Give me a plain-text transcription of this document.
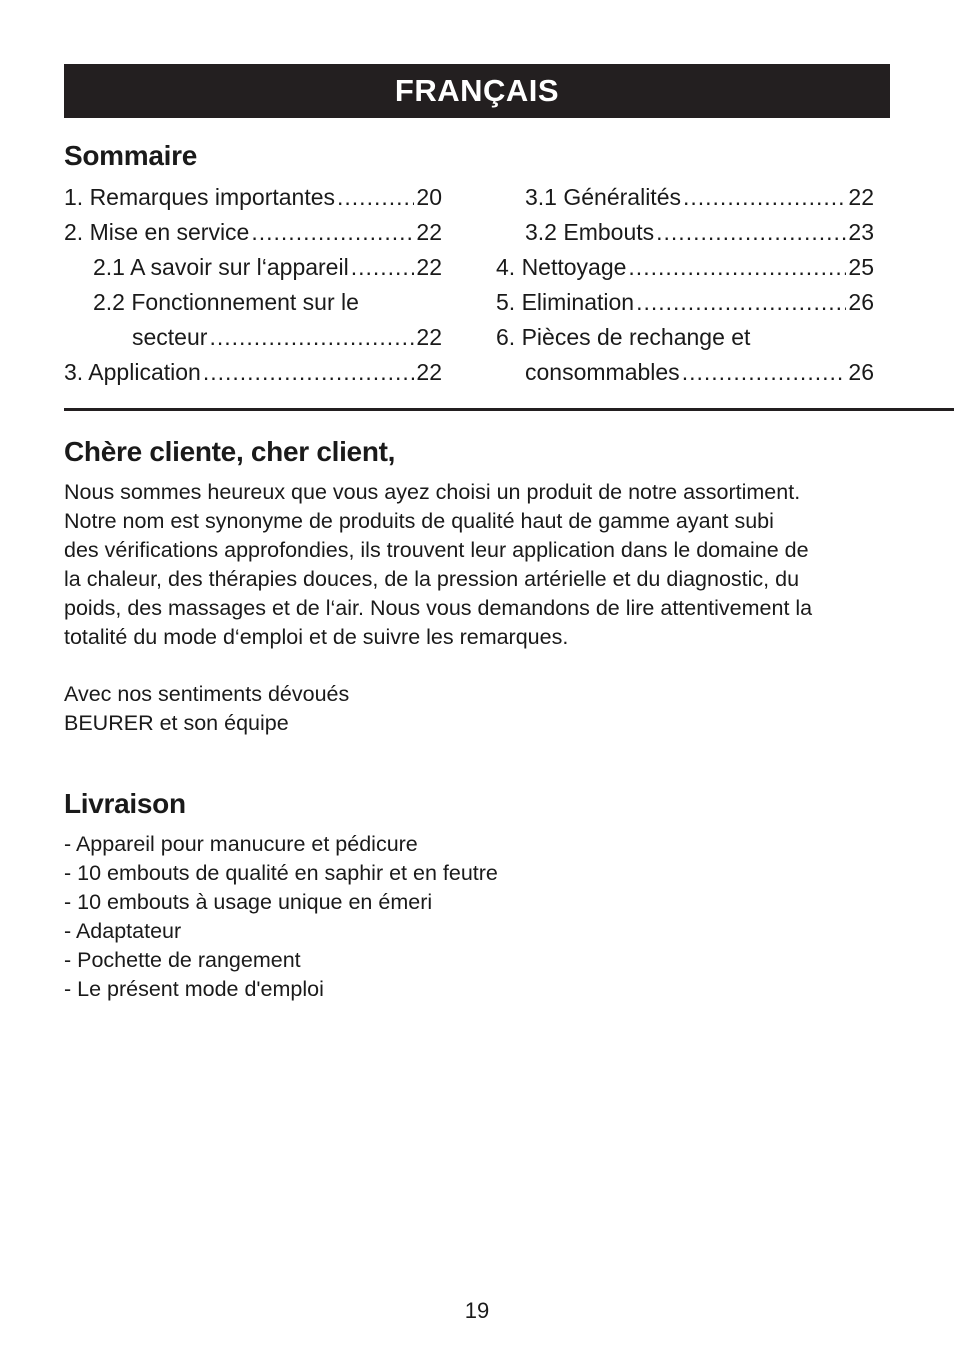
FRANÇAIS
Sommaire
1. Remarques importantes .....	20
2. Mise en service .....	22
2.1 A savoir sur l‘appareil .....	22
2.2 Fonctionnement sur le
secteur .....	22
3. Application .....	22
3.1 Généralités .....	22
3.2 Embouts .....	23
4. Nettoyage .....	25
5. Elimination .....	26
6. Pièces de rechange et
consommables .....	26
Chère cliente, cher client,
Nous sommes heureux que vous ayez choisi un produit de notre assortiment.
Notre nom est synonyme de produits de qualité haut de gamme ayant subi
des vérifications approfondies, ils trouvent leur application dans le domaine de
la chaleur, des thérapies douces, de la pression artérielle et du diagnostic, du
poids, des massages et de l‘air. Nous vous demandons de lire attentivement la
totalité du mode d‘emploi et de suivre les remarques.
Avec nos sentiments dévoués
BEURER et son équipe
Livraison
- Appareil pour manucure et pédicure
- 10 embouts de qualité en saphir et en feutre
- 10 embouts à usage unique en émeri
- Adaptateur
- Pochette de rangement
- Le présent mode d'emploi
19
